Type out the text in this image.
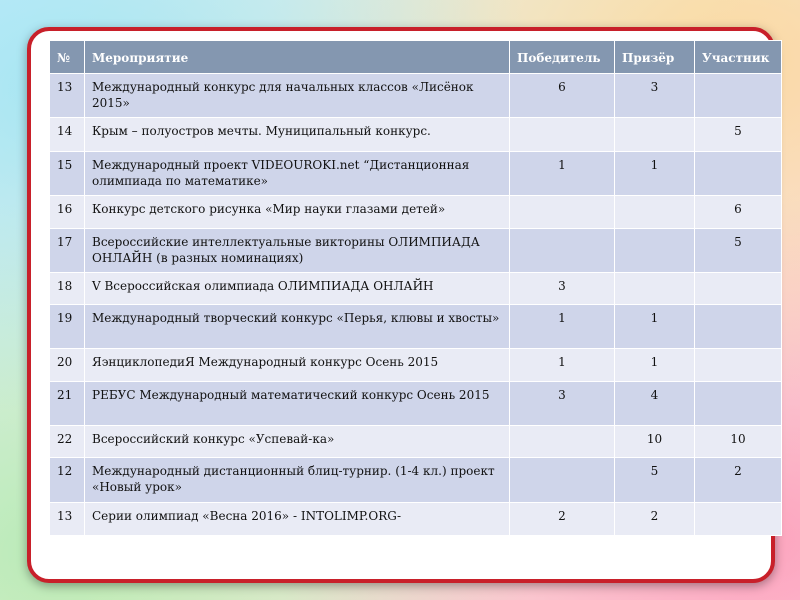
№	Мероприятие	Победитель	Призёр	Участник
13	Международный конкурс для начальных классов «Лисёнок 2015»	6	3	
14	Крым – полуостров мечты. Муниципальный конкурс.			5
15	Международный проект VIDEOUROKI.net “Дистанционная олимпиада по математике»	1	1	
16	Конкурс детского рисунка «Мир науки глазами детей»			6
17	Всероссийские интеллектуальные викторины ОЛИМПИАДА ОНЛАЙН (в разных номинациях)			5
18	V Всероссийская олимпиада ОЛИМПИАДА ОНЛАЙН	3		
19	Международный творческий конкурс «Перья, клювы и хвосты»	1	1	
20	ЯэнциклопедиЯ Международный конкурс Осень 2015	1	1	
21	РЕБУС Международный математический конкурс Осень 2015	3	4	
22	Всероссийский конкурс «Успевай-ка»		10	10
12	Международный дистанционный блиц-турнир. (1-4 кл.) проект «Новый урок»		5	2
13	Серии олимпиад «Весна 2016» - INTOLIMP.ORG-	2	2	
